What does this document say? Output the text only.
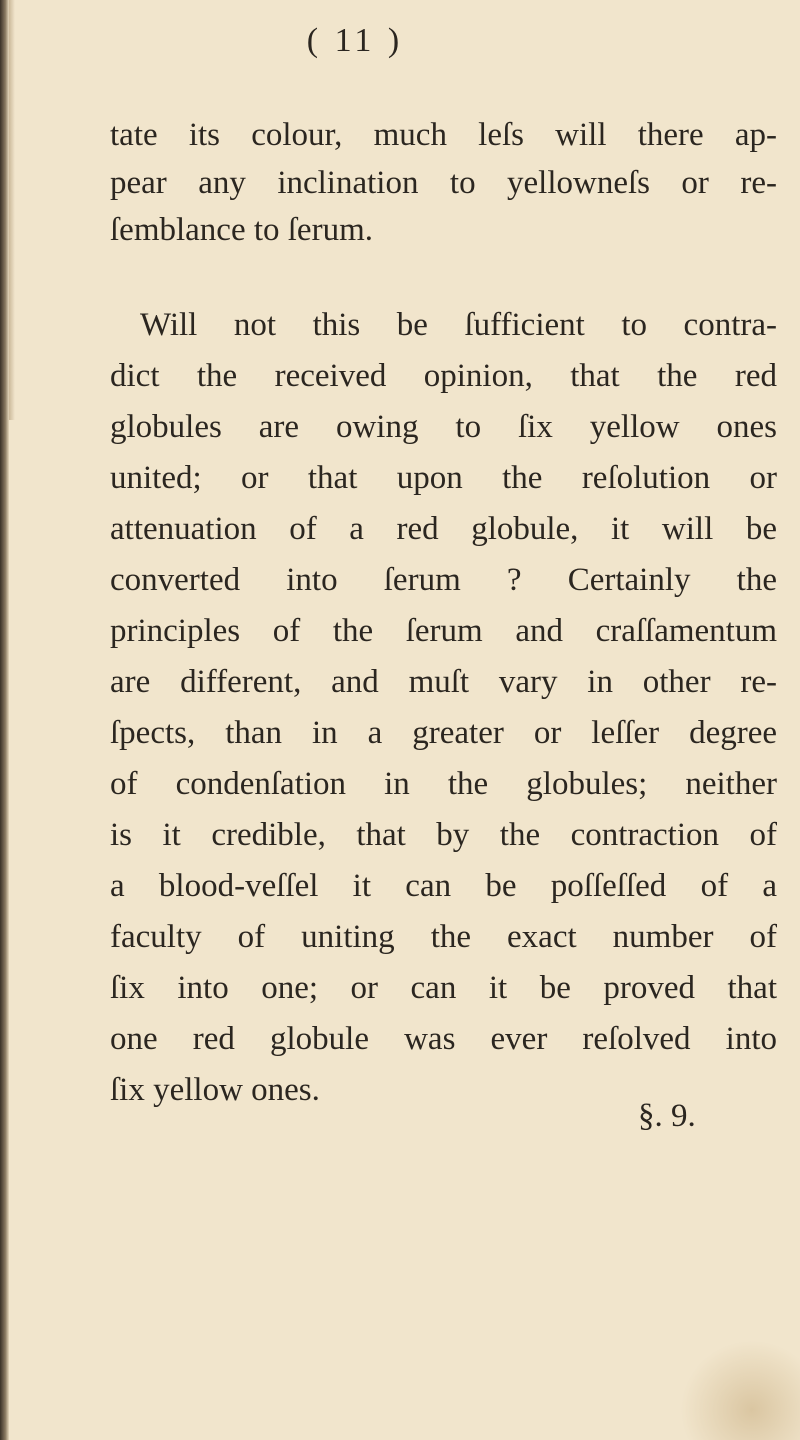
( 11 )
tate its colour, much leſs will there ap-
pear any inclination to yellowneſs or re-
ſemblance to ſerum.
Will not this be ſufficient to contra-
dict the received opinion, that the red
globules are owing to ſix yellow ones
united; or that upon the reſolution or
attenuation of a red globule, it will be
converted into ſerum ? Certainly the
principles of the ſerum and craſſamentum
are different, and muſt vary in other re-
ſpects, than in a greater or leſſer degree
of condenſation in the globules; neither
is it credible, that by the contraction of
a blood-veſſel it can be poſſeſſed of a
faculty of uniting the exact number of
ſix into one; or can it be proved that
one red globule was ever reſolved into
ſix yellow ones.
§. 9.
